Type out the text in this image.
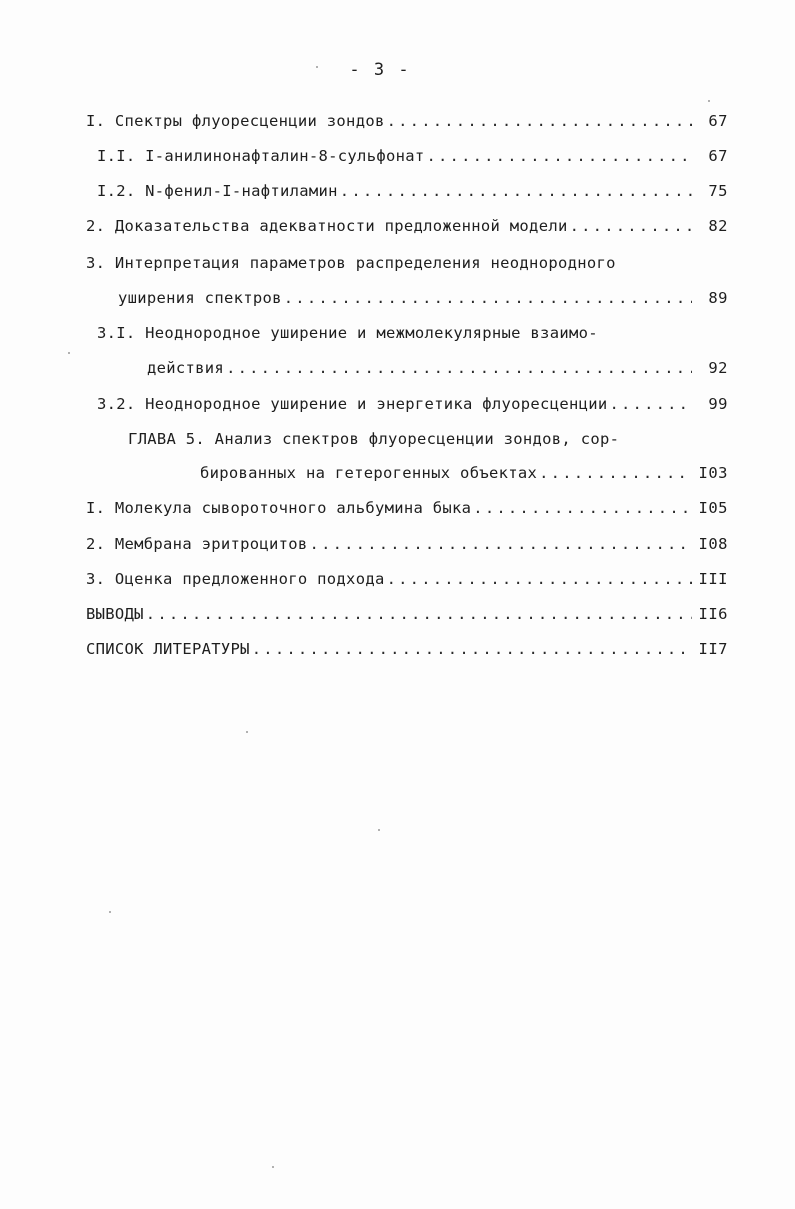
- 3 -
I. Спектры флуоресценции зондов .....	67
I.I. I-анилинонафталин-8-сульфонат .....	67
I.2. N-фенил-I-нафтиламин .....	75
2. Доказательства адекватности предложенной модели .....	82
3. Интерпретация параметров распределения неоднородного
уширения спектров .....	89
3.I. Неоднородное уширение и межмолекулярные взаимо-
действия .....	92
3.2. Неоднородное уширение и энергетика флуоресценции .....	99
ГЛАВА 5. Анализ спектров флуоресценции зондов, сор-
бированных на гетерогенных объектах .....	I03
I. Молекула сывороточного альбумина быка .....	I05
2. Мембрана эритроцитов .....	I08
3. Оценка предложенного подхода .....	III
ВЫВОДЫ .....	II6
СПИСОК ЛИТЕРАТУРЫ .....	II7
